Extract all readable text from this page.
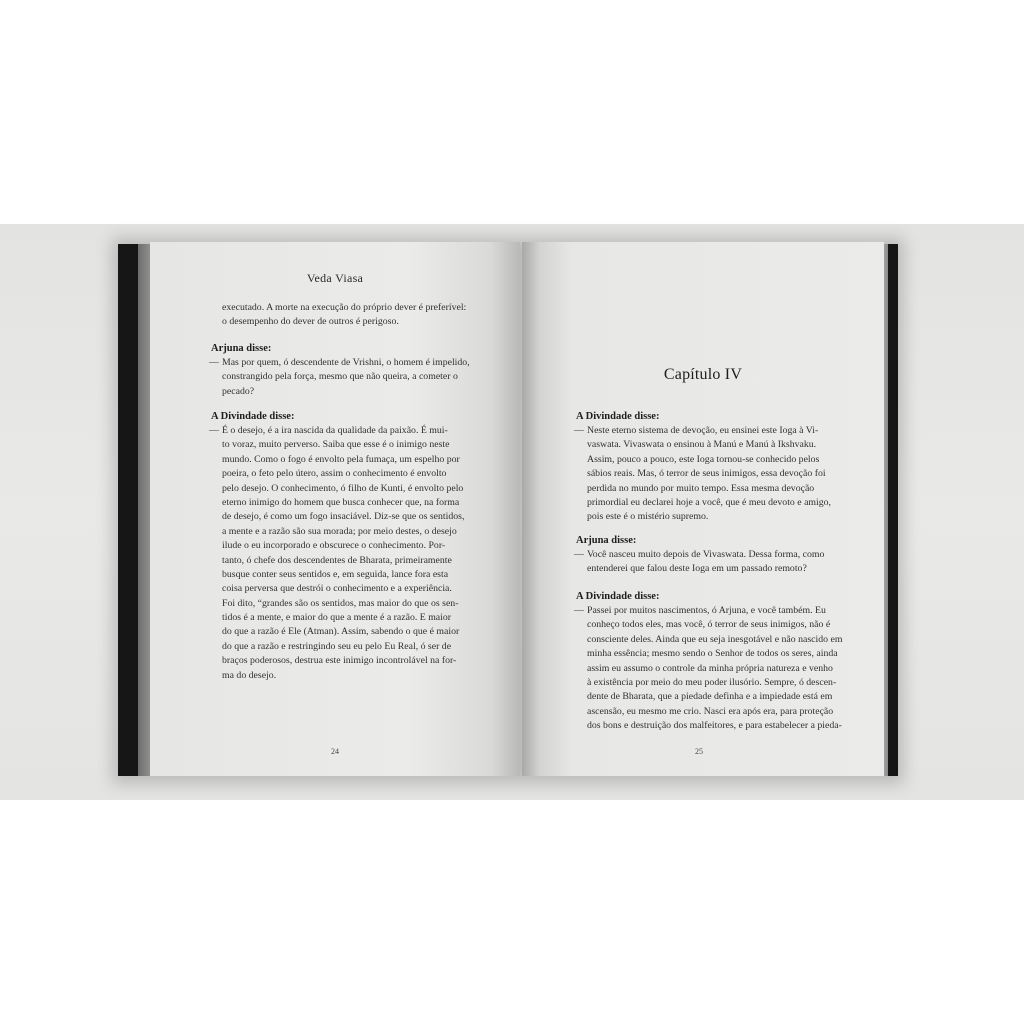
Veda Viasa
executado. A morte na execução do próprio dever é preferível:
o desempenho do dever de outros é perigoso.
Arjuna disse:
— Mas por quem, ó descendente de Vrishni, o homem é impelido,
constrangido pela força, mesmo que não queira, a cometer o
pecado?
A Divindade disse:
— É o desejo, é a ira nascida da qualidade da paixão. É mui-
to voraz, muito perverso. Saiba que esse é o inimigo neste
mundo. Como o fogo é envolto pela fumaça, um espelho por
poeira, o feto pelo útero, assim o conhecimento é envolto
pelo desejo. O conhecimento, ó filho de Kunti, é envolto pelo
eterno inimigo do homem que busca conhecer que, na forma
de desejo, é como um fogo insaciável. Diz-se que os sentidos,
a mente e a razão são sua morada; por meio destes, o desejo
ilude o eu incorporado e obscurece o conhecimento. Por-
tanto, ó chefe dos descendentes de Bharata, primeiramente
busque conter seus sentidos e, em seguida, lance fora esta
coisa perversa que destrói o conhecimento e a experiência.
Foi dito, “grandes são os sentidos, mas maior do que os sen-
tidos é a mente, e maior do que a mente é a razão. E maior
do que a razão é Ele (Atman). Assim, sabendo o que é maior
do que a razão e restringindo seu eu pelo Eu Real, ó ser de
braços poderosos, destrua este inimigo incontrolável na for-
ma do desejo.
24
Capítulo IV
A Divindade disse:
— Neste eterno sistema de devoção, eu ensinei este Ioga à Vi-
vaswata. Vivaswata o ensinou à Manú e Manú à Ikshvaku.
Assim, pouco a pouco, este Ioga tornou-se conhecido pelos
sábios reais. Mas, ó terror de seus inimigos, essa devoção foi
perdida no mundo por muito tempo. Essa mesma devoção
primordial eu declarei hoje a você, que é meu devoto e amigo,
pois este é o mistério supremo.
Arjuna disse:
— Você nasceu muito depois de Vivaswata. Dessa forma, como
entenderei que falou deste Ioga em um passado remoto?
A Divindade disse:
— Passei por muitos nascimentos, ó Arjuna, e você também. Eu
conheço todos eles, mas você, ó terror de seus inimigos, não é
consciente deles. Ainda que eu seja inesgotável e não nascido em
minha essência; mesmo sendo o Senhor de todos os seres, ainda
assim eu assumo o controle da minha própria natureza e venho
à existência por meio do meu poder ilusório. Sempre, ó descen-
dente de Bharata, que a piedade definha e a impiedade está em
ascensão, eu mesmo me crio. Nasci era após era, para proteção
dos bons e destruição dos malfeitores, e para estabelecer a pieda-
25
